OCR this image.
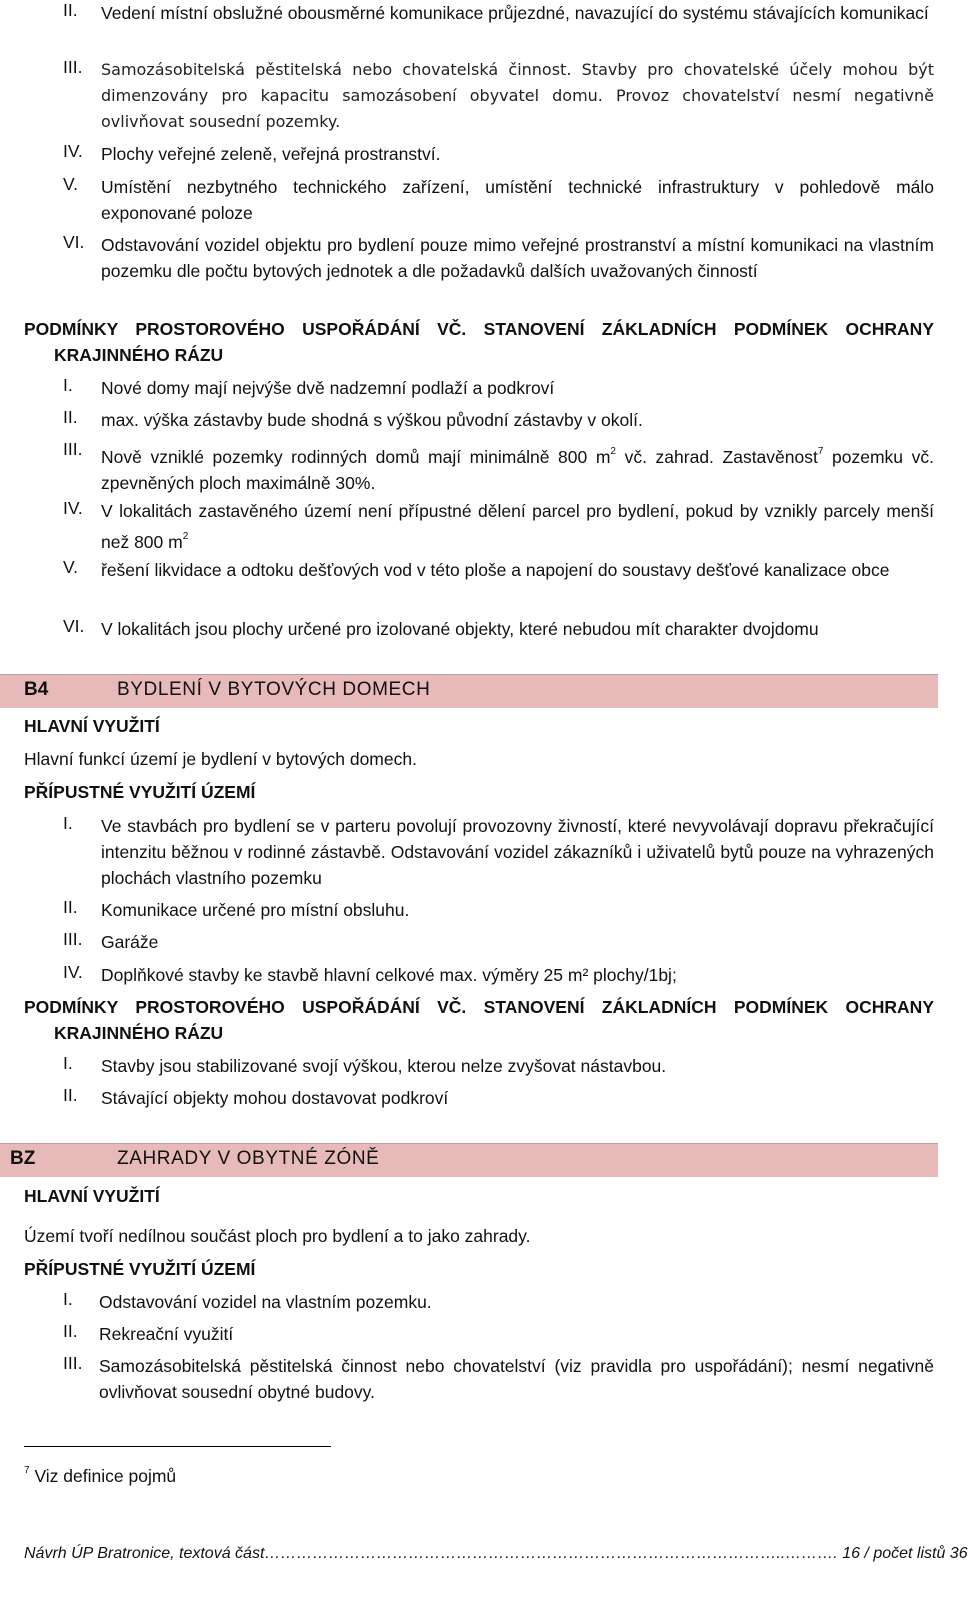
II. Vedení místní obslužné obousměrné komunikace průjezdné, navazující do systému stávajících komunikací
III. Samozásobitelská pěstitelská nebo chovatelská činnost. Stavby pro chovatelské účely mohou být dimenzovány pro kapacitu samozásobení obyvatel domu. Provoz chovatelství nesmí negativně ovlivňovat sousední pozemky.
IV. Plochy veřejné zeleně, veřejná prostranství.
V. Umístění nezbytného technického zařízení, umístění technické infrastruktury v pohledově málo exponované poloze
VI. Odstavování vozidel objektu pro bydlení pouze mimo veřejné prostranství a místní komunikaci na vlastním pozemku dle počtu bytových jednotek a dle požadavků dalších uvažovaných činností
PODMÍNKY PROSTOROVÉHO USPOŘÁDÁNÍ VČ. STANOVENÍ ZÁKLADNÍCH PODMÍNEK OCHRANY
KRAJINNÉHO RÁZU
I. Nové domy mají nejvýše dvě nadzemní podlaží a podkroví
II. max. výška zástavby bude shodná s výškou původní zástavby v okolí.
III. Nově vzniklé pozemky rodinných domů mají minimálně 800 $m^2$ vč. zahrad. Zastavěnost$^7$ pozemku vč. zpevněných ploch maximálně 30%.
IV. V lokalitách zastavěného území není přípustné dělení parcel pro bydlení, pokud by vznikly parcely menší než 800 $m^2$
V. řešení likvidace a odtoku dešťových vod v této ploše a napojení do soustavy dešťové kanalizace obce
VI. V lokalitách jsou plochy určené pro izolované objekty, které nebudou mít charakter dvojdomu
B4	BYDLENÍ V BYTOVÝCH DOMECH
HLAVNÍ VYUŽITÍ
Hlavní funkcí území je bydlení v bytových domech.
PŘÍPUSTNÉ VYUŽITÍ ÚZEMÍ
I. Ve stavbách pro bydlení se v parteru povolují provozovny živností, které nevyvolávají dopravu překračující intenzitu běžnou v rodinné zástavbě. Odstavování vozidel zákazníků i uživatelů bytů pouze na vyhrazených plochách vlastního pozemku
II. Komunikace určené pro místní obsluhu.
III. Garáže
IV. Doplňkové stavby ke stavbě hlavní celkové max. výměry 25 m² plochy/1bj;
PODMÍNKY PROSTOROVÉHO USPOŘÁDÁNÍ VČ. STANOVENÍ ZÁKLADNÍCH PODMÍNEK OCHRANY
KRAJINNÉHO RÁZU
I. Stavby jsou stabilizované svojí výškou, kterou nelze zvyšovat nástavbou.
II. Stávající objekty mohou dostavovat podkroví
BZ	ZAHRADY V OBYTNÉ ZÓNĚ
HLAVNÍ VYUŽITÍ
Území tvoří nedílnou součást ploch pro bydlení a to jako zahrady.
PŘÍPUSTNÉ VYUŽITÍ ÚZEMÍ
I. Odstavování vozidel na vlastním pozemku.
II. Rekreační využití
III. Samozásobitelská pěstitelská činnost nebo chovatelství (viz pravidla pro uspořádání); nesmí negativně ovlivňovat sousední obytné budovy.
$^7$ Viz definice pojmů
Návrh ÚP Bratronice, textová část……………………………………………………………………………………..………. 16 / počet listů 36
